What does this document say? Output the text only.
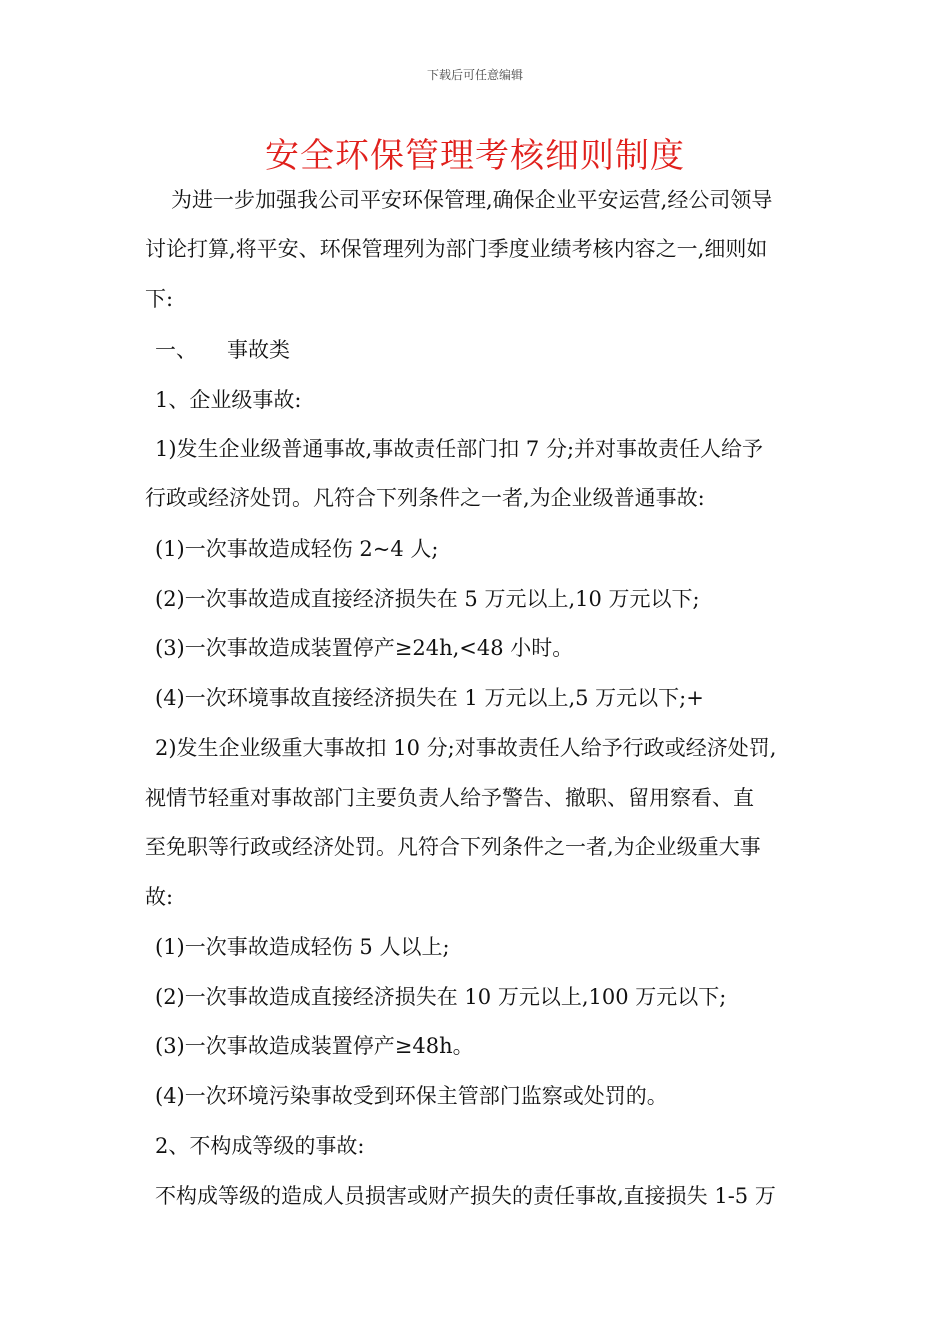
下载后可任意编辑
安全环保管理考核细则制度

　为进一步加强我公司平安环保管理,确保企业平安运营,经公司领导

讨论打算,将平安、环保管理列为部门季度业绩考核内容之一,细则如

下:

一、 事故类

1、企业级事故:

1)发生企业级普通事故,事故责任部门扣 7 分;并对事故责任人给予

行政或经济处罚。凡符合下列条件之一者,为企业级普通事故:

(1)一次事故造成轻伤 2~4 人;

(2)一次事故造成直接经济损失在 5 万元以上,10 万元以下;

(3)一次事故造成装置停产≥24h,<48 小时。

(4)一次环境事故直接经济损失在 1 万元以上,5 万元以下;+

2)发生企业级重大事故扣 10 分;对事故责任人给予行政或经济处罚,

视情节轻重对事故部门主要负责人给予警告、撤职、留用察看、直

至免职等行政或经济处罚。凡符合下列条件之一者,为企业级重大事

故:

(1)一次事故造成轻伤 5 人以上;

(2)一次事故造成直接经济损失在 10 万元以上,100 万元以下;

(3)一次事故造成装置停产≥48h。

(4)一次环境污染事故受到环保主管部门监察或处罚的。

2、不构成等级的事故:

不构成等级的造成人员损害或财产损失的责任事故,直接损失 1-5 万
